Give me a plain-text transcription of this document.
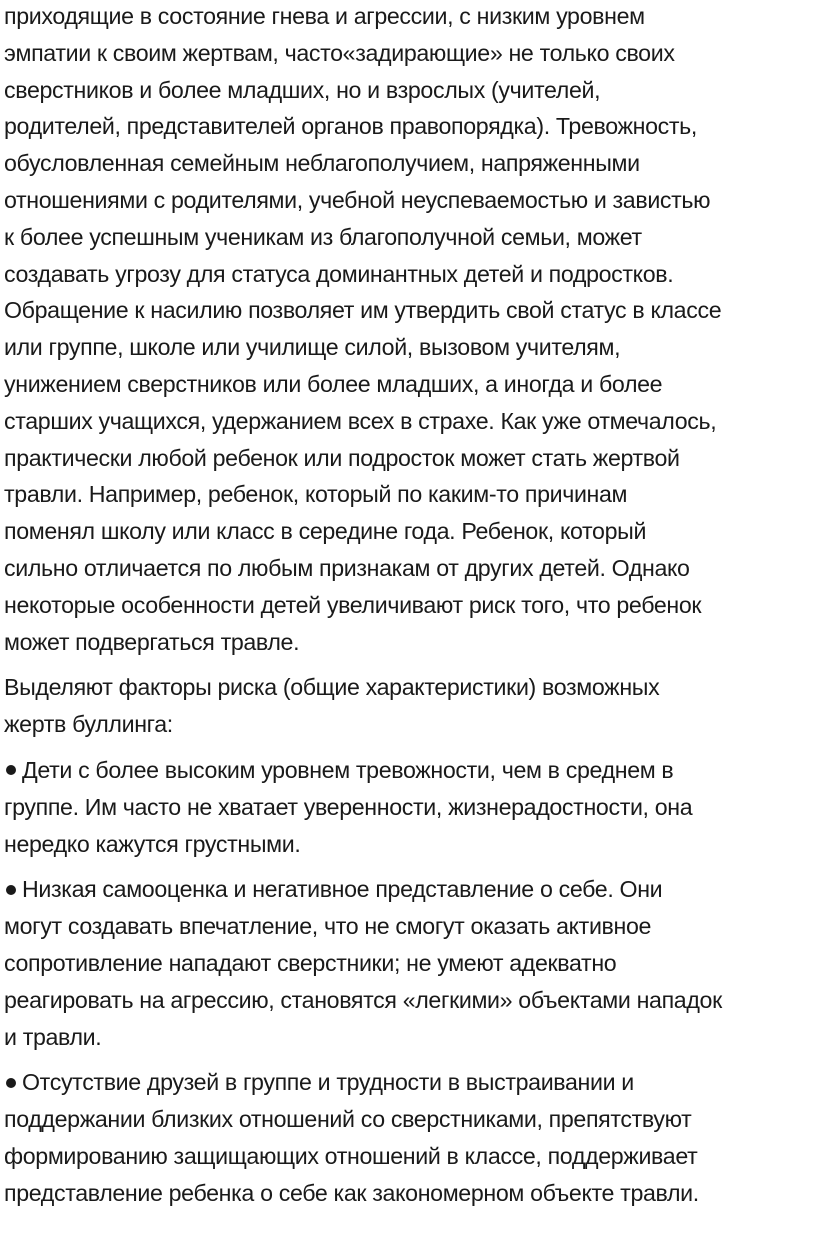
приходящие в состояние гнева и агрессии, с низким уровнем
эмпатии к своим жертвам, часто«задирающие» не только своих
сверстников и более младших, но и взрослых (учителей,
родителей, представителей органов правопорядка). Тревожность,
обусловленная семейным неблагополучием, напряженными
отношениями с родителями, учебной неуспеваемостью и завистью
к более успешным ученикам из благополучной семьи, может
создавать угрозу для статуса доминантных детей и подростков.
Обращение к насилию позволяет им утвердить свой статус в классе
или группе, школе или училище силой, вызовом учителям,
унижением сверстников или более младших, а иногда и более
старших учащихся, удержанием всех в страхе. Как уже отмечалось,
практически любой ребенок или подросток может стать жертвой
травли. Например, ребенок, который по каким-то причинам
поменял школу или класс в середине года. Ребенок, который
сильно отличается по любым признакам от других детей. Однако
некоторые особенности детей увеличивают риск того, что ребенок
может подвергаться травле.

Выделяют факторы риска (общие характеристики) возможных
жертв буллинга:

Дети с более высоким уровнем тревожности, чем в среднем в
группе. Им часто не хватает уверенности, жизнерадостности, она
нередко кажутся грустными.

Низкая самооценка и негативное представление о себе. Они
могут создавать впечатление, что не смогут оказать активное
сопротивление нападают сверстники; не умеют адекватно
реагировать на агрессию, становятся «легкими» объектами нападок
и травли.

Отсутствие друзей в группе и трудности в выстраивании и
поддержании близких отношений со сверстниками, препятствуют
формированию защищающих отношений в классе, поддерживает
представление ребенка о себе как закономерном объекте травли.
